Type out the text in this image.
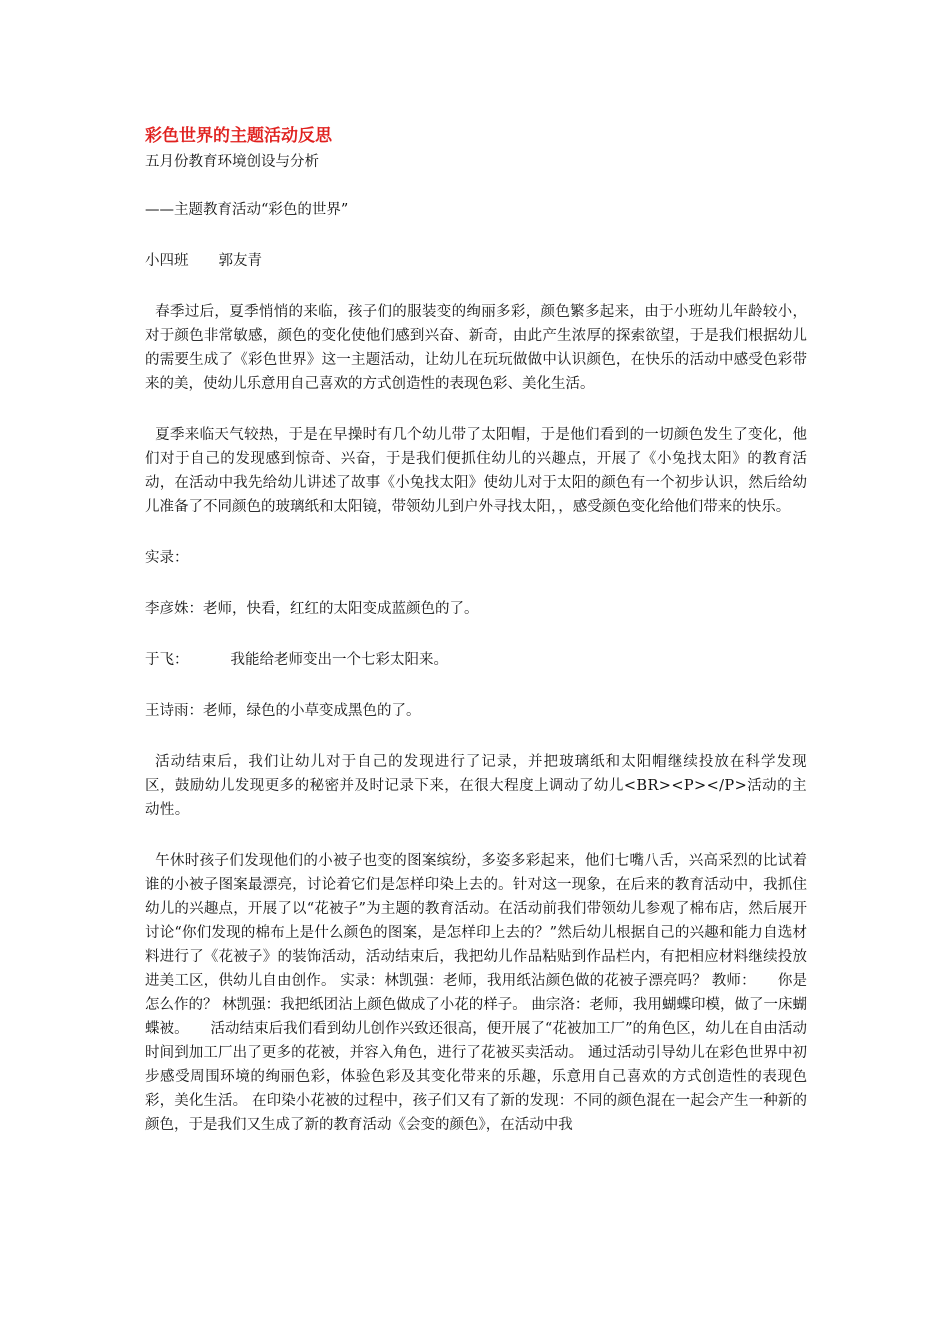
彩色世界的主题活动反思

五月份教育环境创设与分析

——主题教育活动“彩色的世界”

小四班 郭友青

春季过后，夏季悄悄的来临，孩子们的服装变的绚丽多彩，颜色繁多起来，由于小班幼儿年龄较小，对于颜色非常敏感，颜色的变化使他们感到兴奋、新奇，由此产生浓厚的探索欲望，于是我们根据幼儿的需要生成了《彩色世界》这一主题活动，让幼儿在玩玩做做中认识颜色，在快乐的活动中感受色彩带来的美，使幼儿乐意用自己喜欢的方式创造性的表现色彩、美化生活。

夏季来临天气较热，于是在早操时有几个幼儿带了太阳帽，于是他们看到的一切颜色发生了变化，他们对于自己的发现感到惊奇、兴奋，于是我们便抓住幼儿的兴趣点，开展了《小兔找太阳》的教育活动，在活动中我先给幼儿讲述了故事《小兔找太阳》使幼儿对于太阳的颜色有一个初步认识，然后给幼儿准备了不同颜色的玻璃纸和太阳镜，带领幼儿到户外寻找太阳，，感受颜色变化给他们带来的快乐。

实录：

李彦姝：老师，快看，红红的太阳变成蓝颜色的了。

于飞：	我能给老师变出一个七彩太阳来。

王诗雨：老师，绿色的小草变成黑色的了。

活动结束后，我们让幼儿对于自己的发现进行了记录，并把玻璃纸和太阳帽继续投放在科学发现区，鼓励幼儿发现更多的秘密并及时记录下来，在很大程度上调动了幼儿<BR><P></P>活动的主动性。

午休时孩子们发现他们的小被子也变的图案缤纷，多姿多彩起来，他们七嘴八舌，兴高采烈的比试着谁的小被子图案最漂亮，讨论着它们是怎样印染上去的。针对这一现象，在后来的教育活动中，我抓住幼儿的兴趣点，开展了以“花被子”为主题的教育活动。在活动前我们带领幼儿参观了棉布店，然后展开讨论“你们发现的棉布上是什么颜色的图案，是怎样印上去的？”然后幼儿根据自己的兴趣和能力自选材料进行了《花被子》的装饰活动，活动结束后，我把幼儿作品粘贴到作品栏内，有把相应材料继续投放进美工区，供幼儿自由创作。 实录：林凯强：老师，我用纸沾颜色做的花被子漂亮吗？ 教师：　　你是怎么作的？ 林凯强：我把纸团沾上颜色做成了小花的样子。 曲宗洛：老师，我用蝴蝶印模，做了一床蝴蝶被。　　活动结束后我们看到幼儿创作兴致还很高，便开展了“花被加工厂”的角色区，幼儿在自由活动时间到加工厂出了更多的花被，并容入角色，进行了花被买卖活动。 通过活动引导幼儿在彩色世界中初步感受周围环境的绚丽色彩，体验色彩及其变化带来的乐趣，乐意用自己喜欢的方式创造性的表现色彩，美化生活。 在印染小花被的过程中，孩子们又有了新的发现：不同的颜色混在一起会产生一种新的颜色，于是我们又生成了新的教育活动《会变的颜色》，在活动中我
